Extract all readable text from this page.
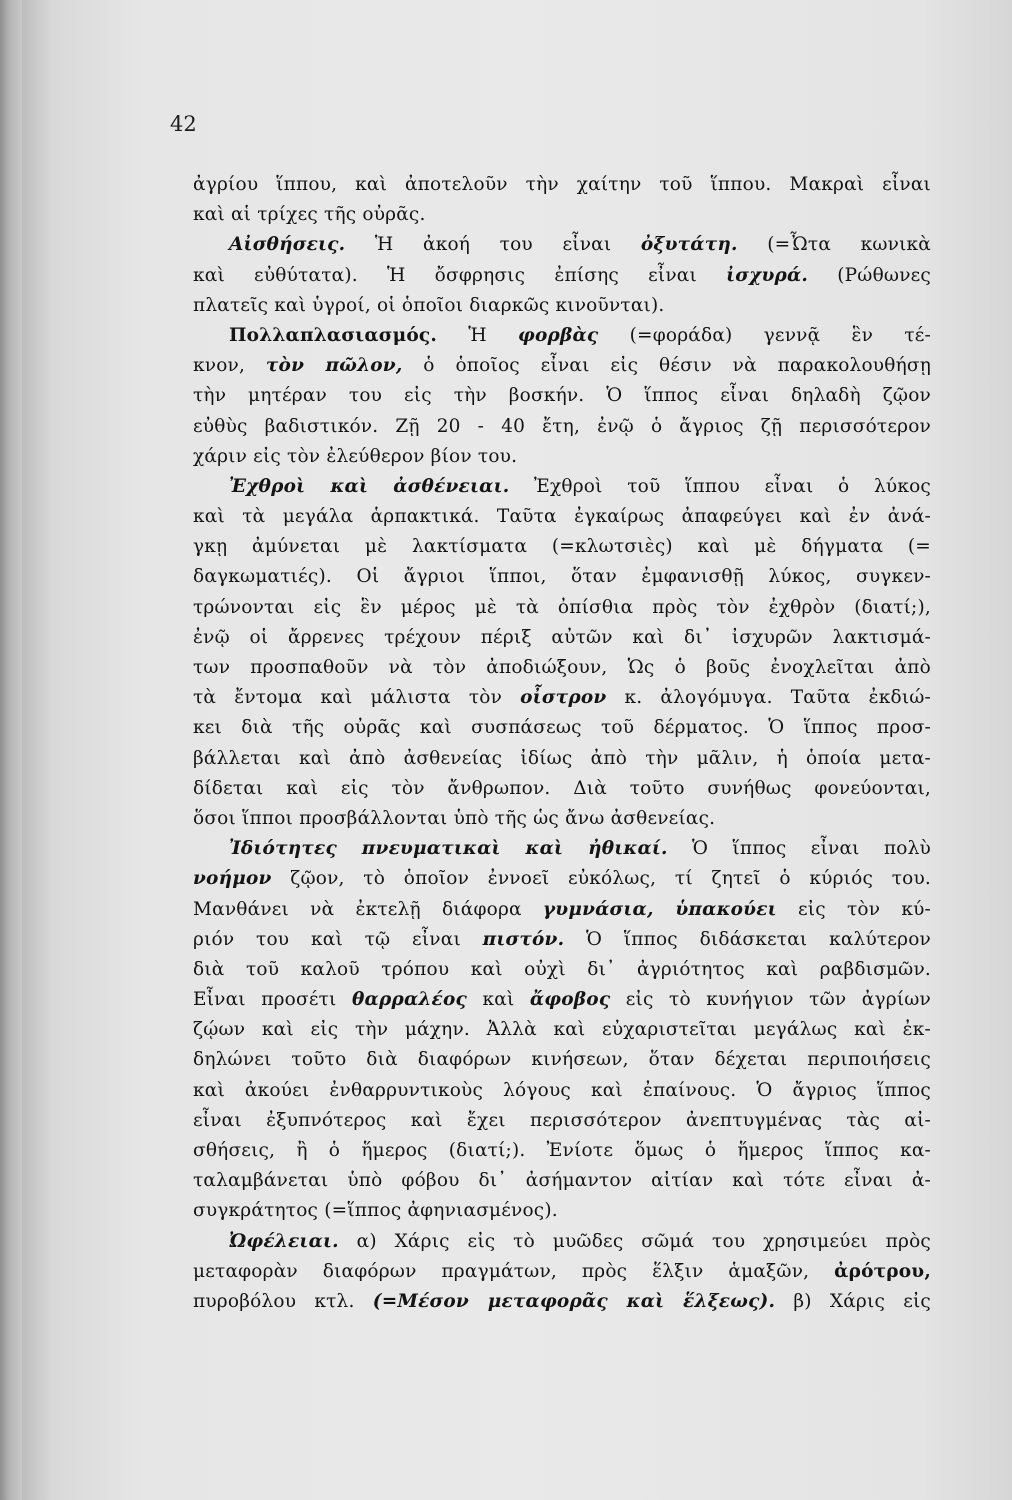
42
ἀγρίου ἵππου, καὶ ἀποτελοῦν τὴν χαίτην τοῦ ἵππου. Μακραὶ εἶναι
καὶ αἱ τρίχες τῆς οὐρᾶς.
Αἰσθήσεις. Ἡ ἀκοή του εἶναι ὀξυτάτη. (=Ὦτα κωνικὰ
καὶ εὐθύτατα). Ἡ ὄσφρησις ἐπίσης εἶναι ἰσχυρά. (Ρώθωνες
πλατεῖς καὶ ὑγροί, οἱ ὁποῖοι διαρκῶς κινοῦνται).
Πολλαπλασιασμός. Ἡ φορβὰς (=φοράδα) γεννᾷ ἓν τέ-
κνον, τὸν πῶλον, ὁ ὁποῖος εἶναι εἰς θέσιν νὰ παρακολουθήσῃ
τὴν μητέραν του εἰς τὴν βοσκήν. Ὁ ἵππος εἶναι δηλαδὴ ζῷον
εὐθὺς βαδιστικόν. Ζῇ 20 - 40 ἔτη, ἐνῷ ὁ ἄγριος ζῇ περισσότερον
χάριν εἰς τὸν ἐλεύθερον βίον του.
Ἐχθροὶ καὶ ἀσθένειαι. Ἐχθροὶ τοῦ ἵππου εἶναι ὁ λύκος
καὶ τὰ μεγάλα ἁρπακτικά. Ταῦτα ἐγκαίρως ἀπαφεύγει καὶ ἐν ἀνά-
γκῃ ἀμύνεται μὲ λακτίσματα (=κλωτσιὲς) καὶ μὲ δήγματα (=
δαγκωματιές). Οἱ ἄγριοι ἵπποι, ὅταν ἐμφανισθῇ λύκος, συγκεν-
τρώνονται εἰς ἓν μέρος μὲ τὰ ὀπίσθια πρὸς τὸν ἐχθρὸν (διατί;),
ἐνῷ οἱ ἄρρενες τρέχουν πέριξ αὐτῶν καὶ δι᾽ ἰσχυρῶν λακτισμά-
των προσπαθοῦν νὰ τὸν ἀποδιώξουν, Ὡς ὁ βοῦς ἐνοχλεῖται ἀπὸ
τὰ ἔντομα καὶ μάλιστα τὸν οἶστρον κ. ἀλογόμυγα. Ταῦτα ἐκδιώ-
κει διὰ τῆς οὐρᾶς καὶ συσπάσεως τοῦ δέρματος. Ὁ ἵππος προσ-
βάλλεται καὶ ἀπὸ ἀσθενείας ἰδίως ἀπὸ τὴν μᾶλιν, ἡ ὁποία μετα-
δίδεται καὶ εἰς τὸν ἄνθρωπον. Διὰ τοῦτο συνήθως φονεύονται,
ὅσοι ἵπποι προσβάλλονται ὑπὸ τῆς ὡς ἄνω ἀσθενείας.
Ἰδιότητες πνευματικαὶ καὶ ἠθικαί. Ὁ ἵππος εἶναι πολὺ
νοήμον ζῷον, τὸ ὁποῖον ἐννοεῖ εὐκόλως, τί ζητεῖ ὁ κύριός του.
Μανθάνει νὰ ἐκτελῇ διάφορα γυμνάσια, ὑπακούει εἰς τὸν κύ-
ριόν του καὶ τῷ εἶναι πιστόν. Ὁ ἵππος διδάσκεται καλύτερον
διὰ τοῦ καλοῦ τρόπου καὶ οὐχὶ δι᾽ ἀγριότητος καὶ ραβδισμῶν.
Εἶναι προσέτι θαρραλέος καὶ ἄφοβος εἰς τὸ κυνήγιον τῶν ἀγρίων
ζῴων καὶ εἰς τὴν μάχην. Ἀλλὰ καὶ εὐχαριστεῖται μεγάλως καὶ ἐκ-
δηλώνει τοῦτο διὰ διαφόρων κινήσεων, ὅταν δέχεται περιποιήσεις
καὶ ἀκούει ἐνθαρρυντικοὺς λόγους καὶ ἐπαίνους. Ὁ ἄγριος ἵππος
εἶναι ἐξυπνότερος καὶ ἔχει περισσότερον ἀνεπτυγμένας τὰς αἰ-
σθήσεις, ἢ ὁ ἥμερος (διατί;). Ἐνίοτε ὅμως ὁ ἥμερος ἵππος κα-
ταλαμβάνεται ὑπὸ φόβου δι᾽ ἀσήμαντον αἰτίαν καὶ τότε εἶναι ἀ-
συγκράτητος (=ἵππος ἀφηνιασμένος).
Ὠφέλειαι. α) Χάρις εἰς τὸ μυῶδες σῶμά του χρησιμεύει πρὸς
μεταφορὰν διαφόρων πραγμάτων, πρὸς ἕλξιν ἁμαξῶν, ἀρότρου,
πυροβόλου κτλ. (=Μέσον μεταφορᾶς καὶ ἕλξεως). β) Χάρις εἰς
